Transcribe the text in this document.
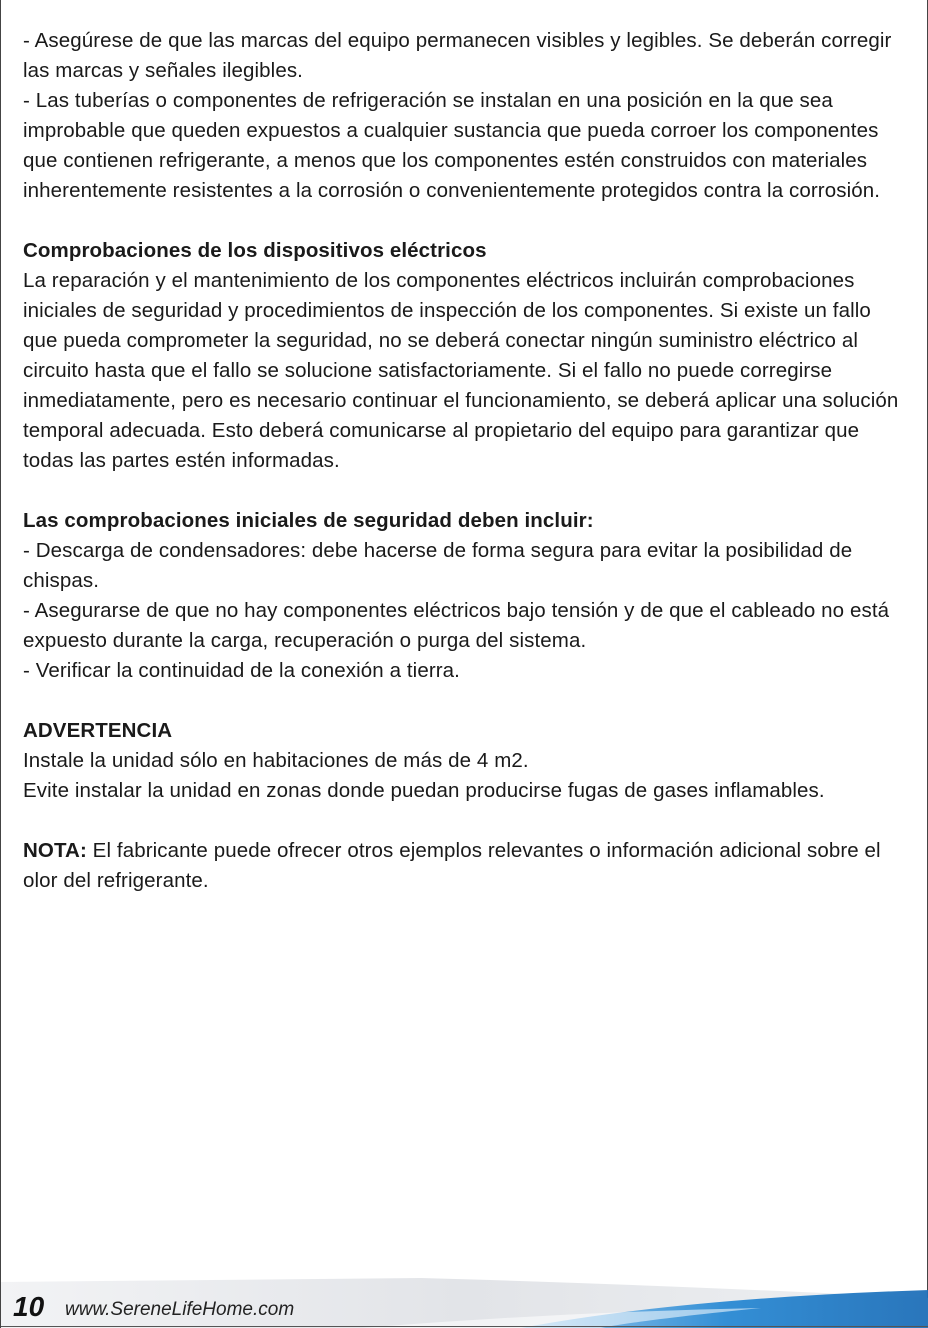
- Asegúrese de que las marcas del equipo permanecen visibles y legibles. Se deberán corregir las marcas y señales ilegibles.

- Las tuberías o componentes de refrigeración se instalan en una posición en la que sea improbable que queden expuestos a cualquier sustancia que pueda corroer los componentes que contienen refrigerante, a menos que los componentes estén construidos con materiales inherentemente resistentes a la corrosión o convenientemente protegidos contra la corrosión.

Comprobaciones de los dispositivos eléctricos

La reparación y el mantenimiento de los componentes eléctricos incluirán comprobaciones iniciales de seguridad y procedimientos de inspección de los componentes. Si existe un fallo que pueda comprometer la seguridad, no se deberá conectar ningún suministro eléctrico al circuito hasta que el fallo se solucione satisfactoriamente. Si el fallo no puede corregirse inmediatamente, pero es necesario continuar el funcionamiento, se deberá aplicar una solución temporal adecuada. Esto deberá comunicarse al propietario del equipo para garantizar que todas las partes estén informadas.

Las comprobaciones iniciales de seguridad deben incluir:

- Descarga de condensadores: debe hacerse de forma segura para evitar la posibilidad de chispas.

- Asegurarse de que no hay componentes eléctricos bajo tensión y de que el cableado no está expuesto durante la carga, recuperación o purga del sistema.

- Verificar la continuidad de la conexión a tierra.

ADVERTENCIA

Instale la unidad sólo en habitaciones de más de 4 m2.

Evite instalar la unidad en zonas donde puedan producirse fugas de gases inflamables.

NOTA: El fabricante puede ofrecer otros ejemplos relevantes o información adicional sobre el olor del refrigerante.

10 www.SereneLifeHome.com
